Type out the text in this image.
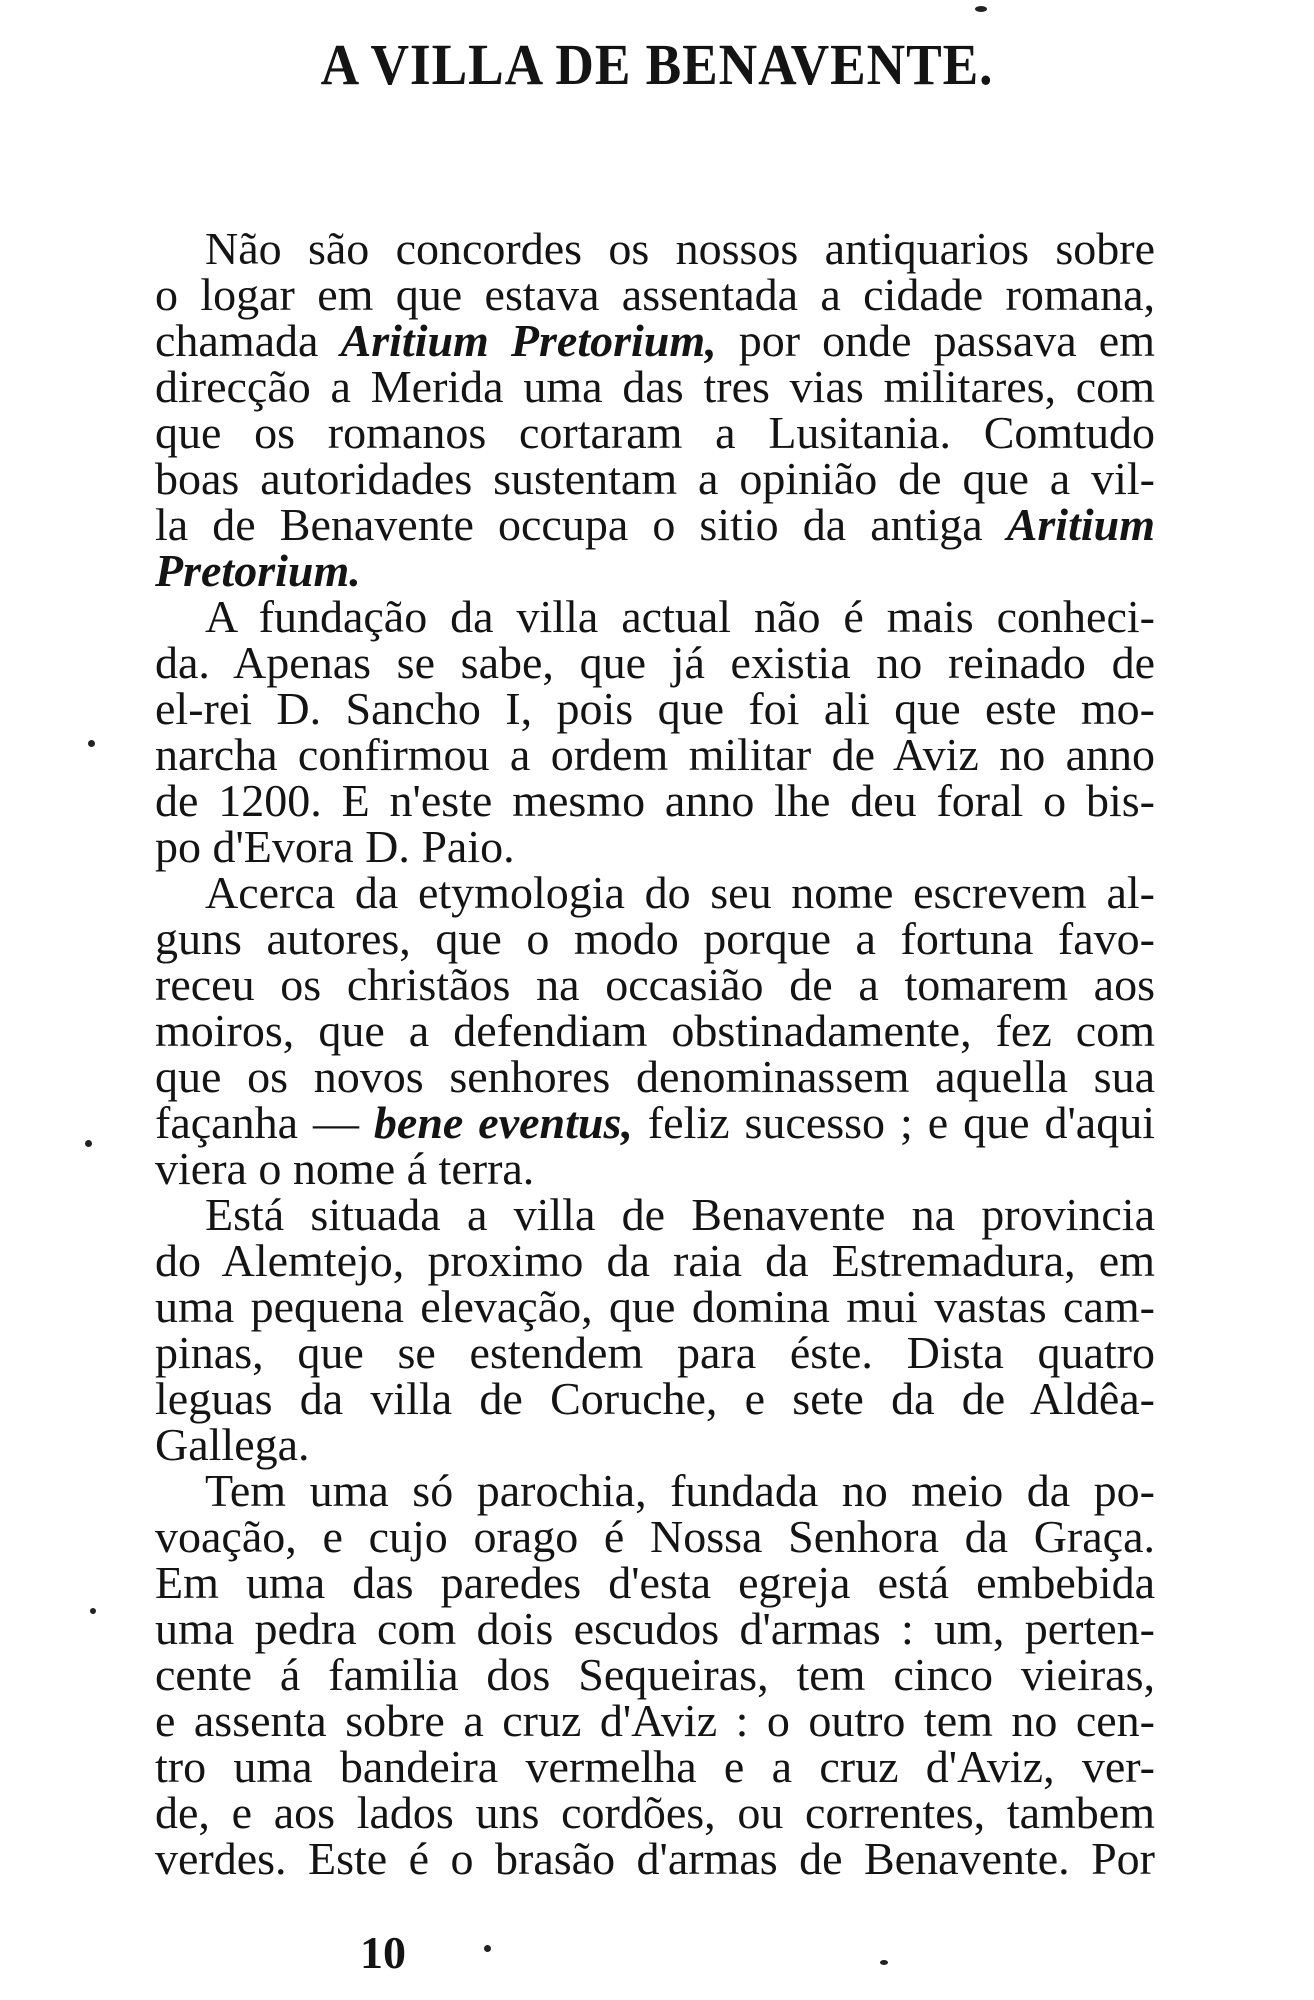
A VILLA DE BENAVENTE.
Não são concordes os nossos antiquarios sobre
o logar em que estava assentada a cidade romana,
chamada Aritium Pretorium, por onde passava em
direcção a Merida uma das tres vias militares, com
que os romanos cortaram a Lusitania. Comtudo
boas autoridades sustentam a opinião de que a vil-
la de Benavente occupa o sitio da antiga Aritium
Pretorium.
A fundação da villa actual não é mais conheci-
da. Apenas se sabe, que já existia no reinado de
el-rei D. Sancho I, pois que foi ali que este mo-
narcha confirmou a ordem militar de Aviz no anno
de 1200. E n'este mesmo anno lhe deu foral o bis-
po d'Evora D. Paio.
Acerca da etymologia do seu nome escrevem al-
guns autores, que o modo porque a fortuna favo-
receu os christãos na occasião de a tomarem aos
moiros, que a defendiam obstinadamente, fez com
que os novos senhores denominassem aquella sua
façanha — bene eventus, feliz sucesso ; e que d'aqui
viera o nome á terra.
Está situada a villa de Benavente na provincia
do Alemtejo, proximo da raia da Estremadura, em
uma pequena elevação, que domina mui vastas cam-
pinas, que se estendem para éste. Dista quatro
leguas da villa de Coruche, e sete da de Aldêa-
Gallega.
Tem uma só parochia, fundada no meio da po-
voação, e cujo orago é Nossa Senhora da Graça.
Em uma das paredes d'esta egreja está embebida
uma pedra com dois escudos d'armas : um, perten-
cente á familia dos Sequeiras, tem cinco vieiras,
e assenta sobre a cruz d'Aviz : o outro tem no cen-
tro uma bandeira vermelha e a cruz d'Aviz, ver-
de, e aos lados uns cordões, ou correntes, tambem
verdes. Este é o brasão d'armas de Benavente. Por
10
